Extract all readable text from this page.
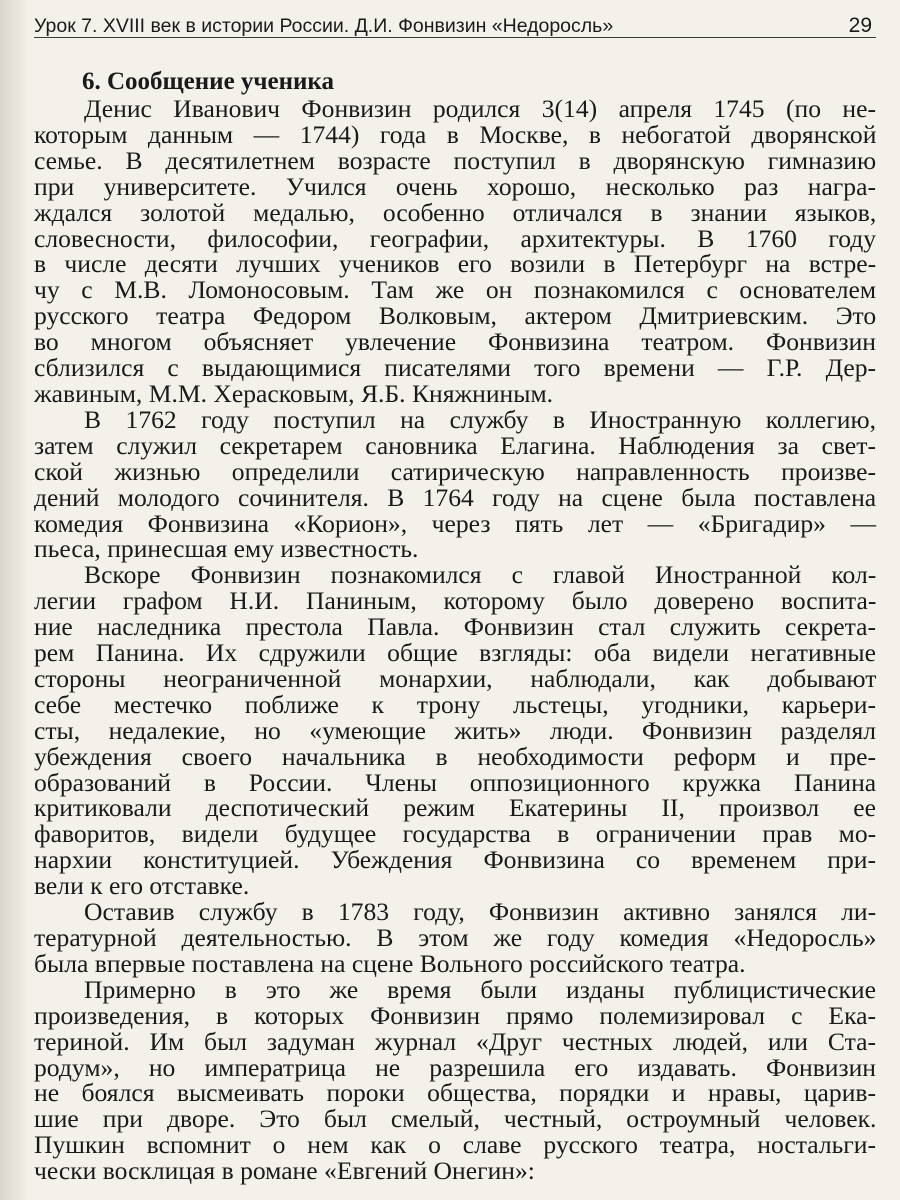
Урок 7. XVIII век в истории России. Д.И. Фонвизин «Недоросль»	29
6. Сообщение ученика
Денис Иванович Фонвизин родился 3(14) апреля 1745 (по не-
которым данным — 1744) года в Москве, в небогатой дворянской
семье. В десятилетнем возрасте поступил в дворянскую гимназию
при университете. Учился очень хорошо, несколько раз награ-
ждался золотой медалью, особенно отличался в знании языков,
словесности, философии, географии, архитектуры. В 1760 году
в числе десяти лучших учеников его возили в Петербург на встре-
чу с М.В. Ломоносовым. Там же он познакомился с основателем
русского театра Федором Волковым, актером Дмитриевским. Это
во многом объясняет увлечение Фонвизина театром. Фонвизин
сблизился с выдающимися писателями того времени — Г.Р. Дер-
жавиным, М.М. Херасковым, Я.Б. Княжниным.
В 1762 году поступил на службу в Иностранную коллегию,
затем служил секретарем сановника Елагина. Наблюдения за свет-
ской жизнью определили сатирическую направленность произве-
дений молодого сочинителя. В 1764 году на сцене была поставлена
комедия Фонвизина «Корион», через пять лет — «Бригадир» —
пьеса, принесшая ему известность.
Вскоре Фонвизин познакомился с главой Иностранной кол-
легии графом Н.И. Паниным, которому было доверено воспита-
ние наследника престола Павла. Фонвизин стал служить секрета-
рем Панина. Их сдружили общие взгляды: оба видели негативные
стороны неограниченной монархии, наблюдали, как добывают
себе местечко поближе к трону льстецы, угодники, карьери-
сты, недалекие, но «умеющие жить» люди. Фонвизин разделял
убеждения своего начальника в необходимости реформ и пре-
образований в России. Члены оппозиционного кружка Панина
критиковали деспотический режим Екатерины II, произвол ее
фаворитов, видели будущее государства в ограничении прав мо-
нархии конституцией. Убеждения Фонвизина со временем при-
вели к его отставке.
Оставив службу в 1783 году, Фонвизин активно занялся ли-
тературной деятельностью. В этом же году комедия «Недоросль»
была впервые поставлена на сцене Вольного российского театра.
Примерно в это же время были изданы публицистические
произведения, в которых Фонвизин прямо полемизировал с Ека-
териной. Им был задуман журнал «Друг честных людей, или Ста-
родум», но императрица не разрешила его издавать. Фонвизин
не боялся высмеивать пороки общества, порядки и нравы, царив-
шие при дворе. Это был смелый, честный, остроумный человек.
Пушкин вспомнит о нем как о славе русского театра, ностальги-
чески восклицая в романе «Евгений Онегин»:
